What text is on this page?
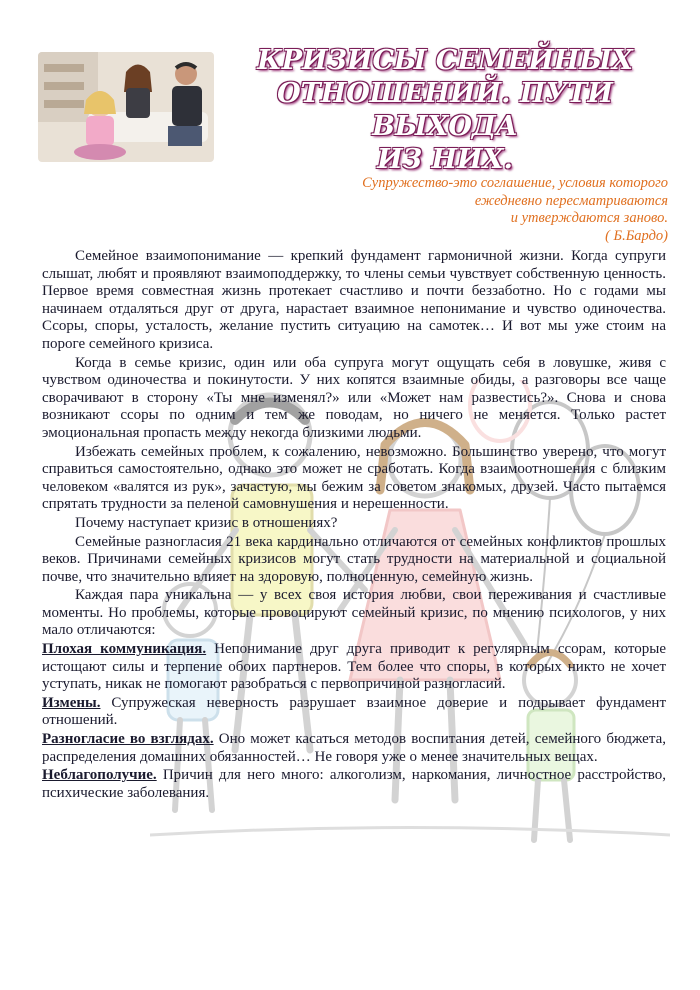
КРИЗИСЫ СЕМЕЙНЫХ
ОТНОШЕНИЙ. ПУТИ ВЫХОДА
ИЗ НИХ.
Супружество-это соглашение, условия которого
ежедневно пересматриваются
и утверждаются заново.
( Б.Бардо)

Семейное взаимопонимание — крепкий фундамент гармоничной жизни. Когда супруги слышат, любят и проявляют взаимоподдержку, то члены семьи чувствует собственную ценность. Первое время совместная жизнь протекает счастливо и почти беззаботно. Но с годами мы начинаем отдаляться друг от друга, нарастает взаимное непонимание и чувство одиночества. Ссоры, споры, усталость, желание пустить ситуацию на самотек… И вот мы уже стоим на пороге семейного кризиса.

Когда в семье кризис, один или оба супруга могут ощущать себя в ловушке, живя с чувством одиночества и покинутости. У них копятся взаимные обиды, а разговоры все чаще сворачивают в сторону «Ты мне изменял?» или «Может нам развестись?». Снова и снова возникают ссоры по одним и тем же поводам, но ничего не меняется. Только растет эмоциональная пропасть между некогда близкими людьми.

Избежать семейных проблем, к сожалению, невозможно. Большинство уверено, что могут справиться самостоятельно, однако это может не сработать. Когда взаимоотношения с близким человеком «валятся из рук», зачастую, мы бежим за советом знакомых, друзей. Часто пытаемся спрятать трудности за пеленой самовнушения и нерешенности.

Почему наступает кризис в отношениях?

Семейные разногласия 21 века кардинально отличаются от семейных конфликтов прошлых веков. Причинами семейных кризисов могут стать трудности на материальной и социальной почве, что значительно влияет на здоровую, полноценную, семейную жизнь.

Каждая пара уникальна — у всех своя история любви, свои переживания и счастливые моменты. Но проблемы, которые провоцируют семейный кризис, по мнению психологов, у них мало отличаются:

Плохая коммуникация. Непонимание друг друга приводит к регулярным ссорам, которые истощают силы и терпение обоих партнеров. Тем более что споры, в которых никто не хочет уступать, никак не помогают разобраться с первопричиной разногласий.

Измены. Супружеская неверность разрушает взаимное доверие и подрывает фундамент отношений.

Разногласие во взглядах. Оно может касаться методов воспитания детей, семейного бюджета, распределения домашних обязанностей… Не говоря уже о менее значительных вещах.

Неблагополучие. Причин для него много: алкоголизм, наркомания, личностное расстройство, психические заболевания.
